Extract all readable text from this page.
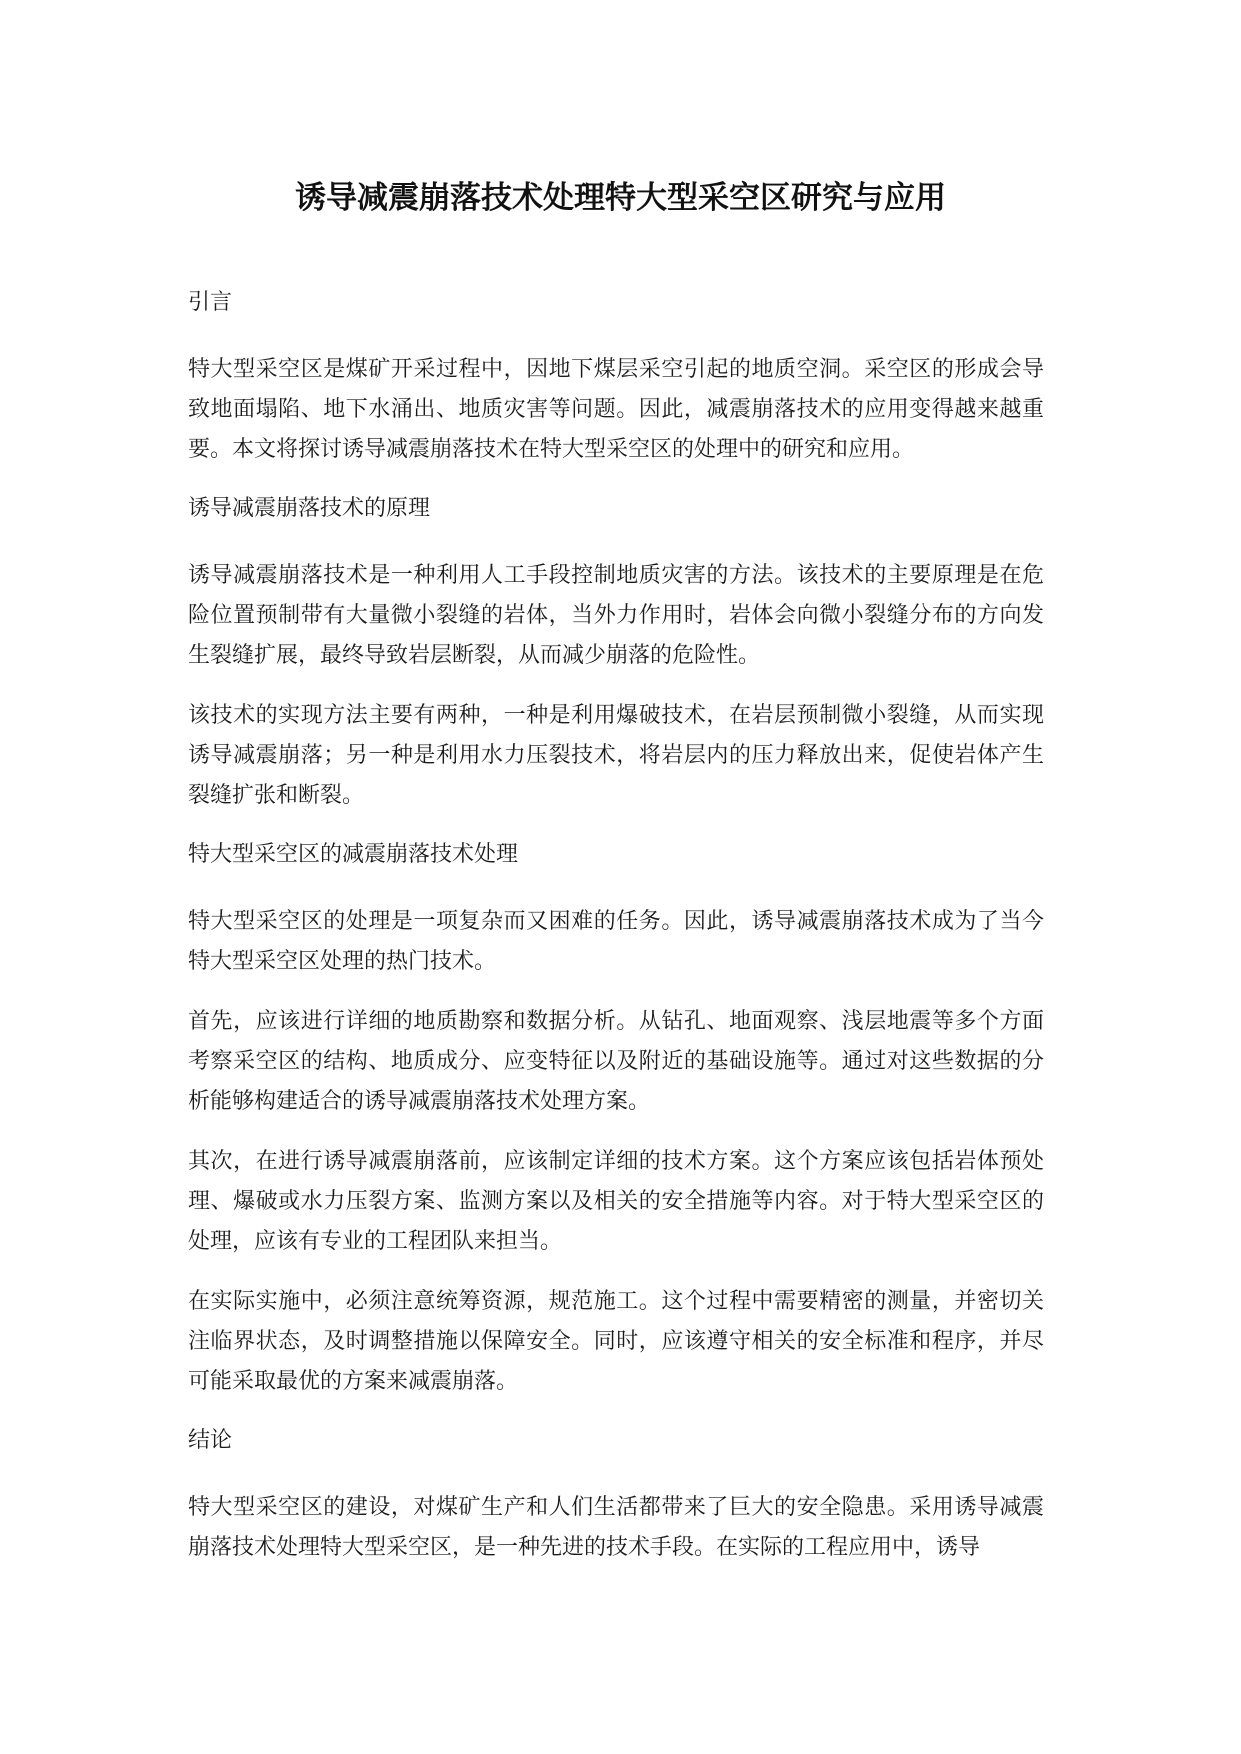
诱导减震崩落技术处理特大型采空区研究与应用
引言

特大型采空区是煤矿开采过程中，因地下煤层采空引起的地质空洞。采空区的形成会导致地面塌陷、地下水涌出、地质灾害等问题。因此，减震崩落技术的应用变得越来越重要。本文将探讨诱导减震崩落技术在特大型采空区的处理中的研究和应用。

诱导减震崩落技术的原理

诱导减震崩落技术是一种利用人工手段控制地质灾害的方法。该技术的主要原理是在危险位置预制带有大量微小裂缝的岩体，当外力作用时，岩体会向微小裂缝分布的方向发生裂缝扩展，最终导致岩层断裂，从而减少崩落的危险性。

该技术的实现方法主要有两种，一种是利用爆破技术，在岩层预制微小裂缝，从而实现诱导减震崩落；另一种是利用水力压裂技术，将岩层内的压力释放出来，促使岩体产生裂缝扩张和断裂。

特大型采空区的减震崩落技术处理

特大型采空区的处理是一项复杂而又困难的任务。因此，诱导减震崩落技术成为了当今特大型采空区处理的热门技术。

首先，应该进行详细的地质勘察和数据分析。从钻孔、地面观察、浅层地震等多个方面考察采空区的结构、地质成分、应变特征以及附近的基础设施等。通过对这些数据的分析能够构建适合的诱导减震崩落技术处理方案。

其次，在进行诱导减震崩落前，应该制定详细的技术方案。这个方案应该包括岩体预处理、爆破或水力压裂方案、监测方案以及相关的安全措施等内容。对于特大型采空区的处理，应该有专业的工程团队来担当。

在实际实施中，必须注意统筹资源，规范施工。这个过程中需要精密的测量，并密切关注临界状态，及时调整措施以保障安全。同时，应该遵守相关的安全标准和程序，并尽可能采取最优的方案来减震崩落。

结论

特大型采空区的建设，对煤矿生产和人们生活都带来了巨大的安全隐患。采用诱导减震崩落技术处理特大型采空区，是一种先进的技术手段。在实际的工程应用中，诱导
